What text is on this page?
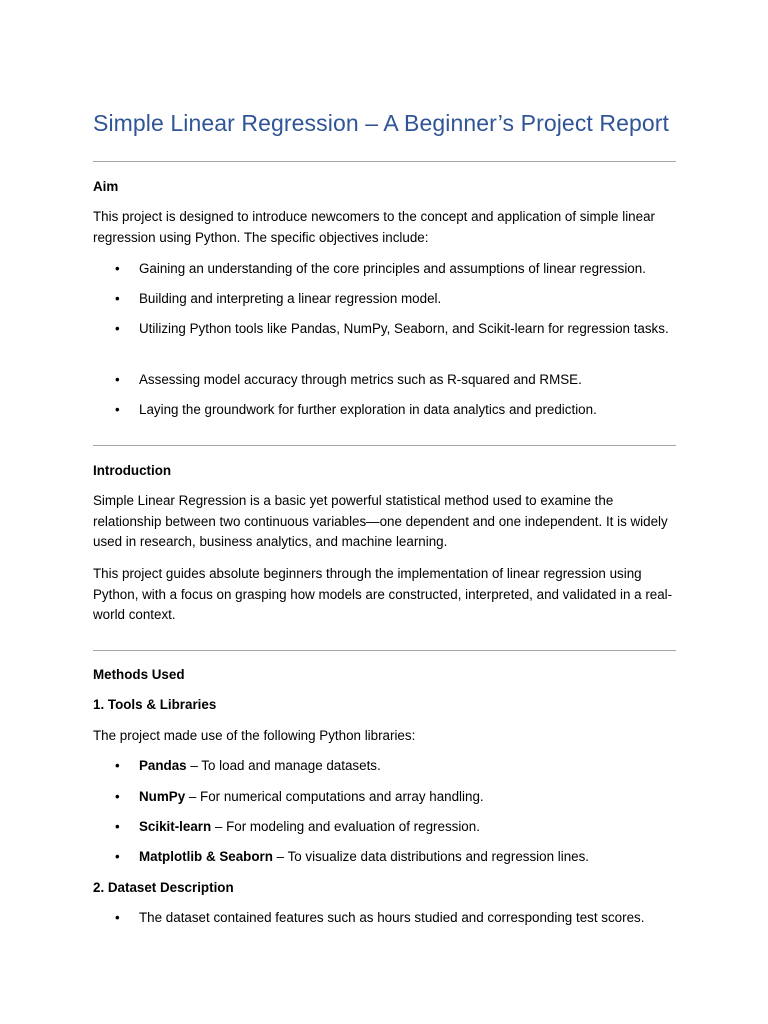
Simple Linear Regression – A Beginner’s Project Report
Aim
This project is designed to introduce newcomers to the concept and application of simple linear regression using Python. The specific objectives include:
• Gaining an understanding of the core principles and assumptions of linear regression.
• Building and interpreting a linear regression model.
• Utilizing Python tools like Pandas, NumPy, Seaborn, and Scikit-learn for regression tasks.
• Assessing model accuracy through metrics such as R-squared and RMSE.
• Laying the groundwork for further exploration in data analytics and prediction.
Introduction
Simple Linear Regression is a basic yet powerful statistical method used to examine the relationship between two continuous variables—one dependent and one independent. It is widely used in research, business analytics, and machine learning.
This project guides absolute beginners through the implementation of linear regression using Python, with a focus on grasping how models are constructed, interpreted, and validated in a real-world context.
Methods Used
1. Tools & Libraries
The project made use of the following Python libraries:
• Pandas – To load and manage datasets.
• NumPy – For numerical computations and array handling.
• Scikit-learn – For modeling and evaluation of regression.
• Matplotlib & Seaborn – To visualize data distributions and regression lines.
2. Dataset Description
• The dataset contained features such as hours studied and corresponding test scores.
